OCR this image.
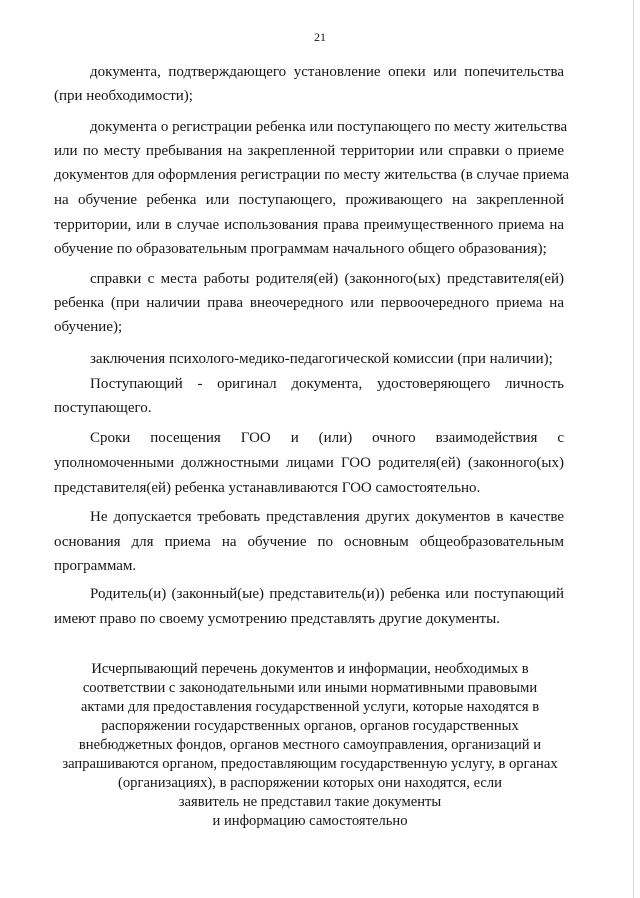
21
документа, подтверждающего установление опеки или попечительства
(при необходимости);
документа о регистрации ребенка или поступающего по месту жительства
или по месту пребывания на закрепленной территории или справки о приеме
документов для оформления регистрации по месту жительства (в случае приема
на обучение ребенка или поступающего, проживающего на закрепленной
территории, или в случае использования права преимущественного приема на
обучение по образовательным программам начального общего образования);
справки с места работы родителя(ей) (законного(ых) представителя(ей)
ребенка (при наличии права внеочередного или первоочередного приема на
обучение);
заключения психолого-медико-педагогической комиссии (при наличии);
Поступающий - оригинал документа, удостоверяющего личность
поступающего.
Сроки посещения ГОО и (или) очного взаимодействия с
уполномоченными должностными лицами ГОО родителя(ей) (законного(ых)
представителя(ей) ребенка устанавливаются ГОО самостоятельно.
Не допускается требовать представления других документов в качестве
основания для приема на обучение по основным общеобразовательным
программам.
Родитель(и) (законный(ые) представитель(и)) ребенка или поступающий
имеют право по своему усмотрению представлять другие документы.
Исчерпывающий перечень документов и информации, необходимых в
соответствии с законодательными или иными нормативными правовыми
актами для предоставления государственной услуги, которые находятся в
распоряжении государственных органов, органов государственных
внебюджетных фондов, органов местного самоуправления, организаций и
запрашиваются органом, предоставляющим государственную услугу, в органах
(организациях), в распоряжении которых они находятся, если
заявитель не представил такие документы
и информацию самостоятельно
